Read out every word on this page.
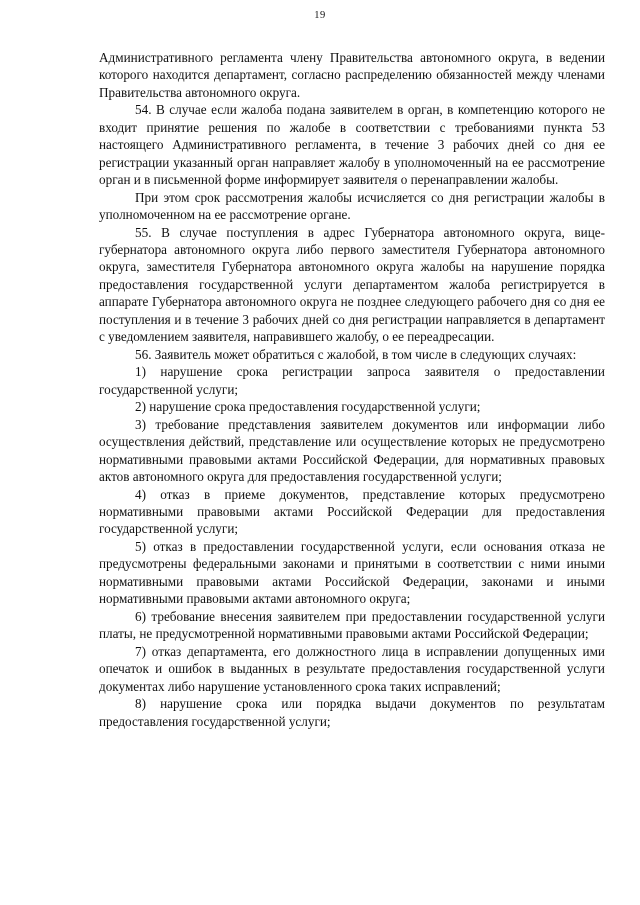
19

Административного регламента члену Правительства автономного округа, в ведении которого находится департамент, согласно распределению обязанностей между членами Правительства автономного округа.

54. В случае если жалоба подана заявителем в орган, в компетенцию которого не входит принятие решения по жалобе в соответствии с требованиями пункта 53 настоящего Административного регламента, в течение 3 рабочих дней со дня ее регистрации указанный орган направляет жалобу в уполномоченный на ее рассмотрение орган и в письменной форме информирует заявителя о перенаправлении жалобы.

При этом срок рассмотрения жалобы исчисляется со дня регистрации жалобы в уполномоченном на ее рассмотрение органе.

55. В случае поступления в адрес Губернатора автономного округа, вице-губернатора автономного округа либо первого заместителя Губернатора автономного округа, заместителя Губернатора автономного округа жалобы на нарушение порядка предоставления государственной услуги департаментом жалоба регистрируется в аппарате Губернатора автономного округа не позднее следующего рабочего дня со дня ее поступления и в течение 3 рабочих дней со дня регистрации направляется в департамент с уведомлением заявителя, направившего жалобу, о ее переадресации.

56. Заявитель может обратиться с жалобой, в том числе в следующих случаях:

1) нарушение срока регистрации запроса заявителя о предоставлении государственной услуги;

2) нарушение срока предоставления государственной услуги;

3) требование представления заявителем документов или информации либо осуществления действий, представление или осуществление которых не предусмотрено нормативными правовыми актами Российской Федерации, для нормативных правовых актов автономного округа для предоставления государственной услуги;

4) отказ в приеме документов, представление которых предусмотрено нормативными правовыми актами Российской Федерации для предоставления государственной услуги;

5) отказ в предоставлении государственной услуги, если основания отказа не предусмотрены федеральными законами и принятыми в соответствии с ними иными нормативными правовыми актами Российской Федерации, законами и иными нормативными правовыми актами автономного округа;

6) требование внесения заявителем при предоставлении государственной услуги платы, не предусмотренной нормативными правовыми актами Российской Федерации;

7) отказ департамента, его должностного лица в исправлении допущенных ими опечаток и ошибок в выданных в результате предоставления государственной услуги документах либо нарушение установленного срока таких исправлений;

8) нарушение срока или порядка выдачи документов по результатам предоставления государственной услуги;
